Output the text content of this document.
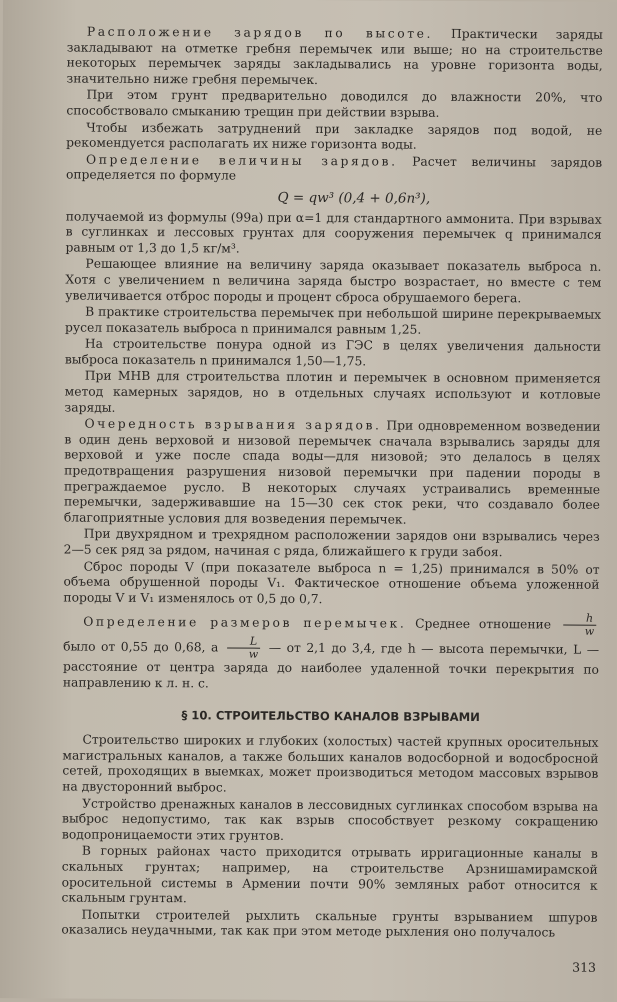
Расположение зарядов по высоте. Практически заряды закладывают на отметке гребня перемычек или выше; но на строительстве некоторых перемычек заряды закладывались на уровне горизонта воды, значительно ниже гребня перемычек.

При этом грунт предварительно доводился до влажности 20%, что способствовало смыканию трещин при действии взрыва.

Чтобы избежать затруднений при закладке зарядов под водой, не рекомендуется располагать их ниже горизонта воды.

Определение величины зарядов. Расчет величины зарядов определяется по формуле

Q = qw³ (0,4 + 0,6n³),

получаемой из формулы (99а) при α=1 для стандартного аммонита. При взрывах в суглинках и лессовых грунтах для сооружения перемычек q принимался равным от 1,3 до 1,5 кг/м³.

Решающее влияние на величину заряда оказывает показатель выброса n. Хотя с увеличением n величина заряда быстро возрастает, но вместе с тем увеличивается отброс породы и процент сброса обрушаемого берега.

В практике строительства перемычек при небольшой ширине перекрываемых русел показатель выброса n принимался равным 1,25.

На строительстве понура одной из ГЭС в целях увеличения дальности выброса показатель n принимался 1,50—1,75.

При МНВ для строительства плотин и перемычек в основном применяется метод камерных зарядов, но в отдельных случаях используют и котловые заряды.

Очередность взрывания зарядов. При одновременном возведении в один день верховой и низовой перемычек сначала взрывались заряды для верховой и уже после спада воды—для низовой; это делалось в целях предотвращения разрушения низовой перемычки при падении породы в преграждаемое русло. В некоторых случаях устраивались временные перемычки, задерживавшие на 15—30 сек сток реки, что создавало более благоприятные условия для возведения перемычек.

При двухрядном и трехрядном расположении зарядов они взрывались через 2—5 сек ряд за рядом, начиная с ряда, ближайшего к груди забоя.

Сброс породы V (при показателе выброса n = 1,25) принимался в 50% от объема обрушенной породы V₁. Фактическое отношение объема уложенной породы V и V₁ изменялось от 0,5 до 0,7.

Определение размеров перемычек. Среднее отношение $\frac{h}{w}$
было от 0,55 до 0,68, а $\frac{L}{w}$ — от 2,1 до 3,4, где h — высота перемычки, L — расстояние от центра заряда до наиболее удаленной точки перекрытия по направлению к л. н. с.

§ 10. СТРОИТЕЛЬСТВО КАНАЛОВ ВЗРЫВАМИ

Строительство широких и глубоких (холостых) частей крупных оросительных магистральных каналов, а также больших каналов водосборной и водосбросной сетей, проходящих в выемках, может производиться методом массовых взрывов на двусторонний выброс.

Устройство дренажных каналов в лессовидных суглинках способом взрыва на выброс недопустимо, так как взрыв способствует резкому сокращению водопроницаемости этих грунтов.

В горных районах часто приходится отрывать ирригационные каналы в скальных грунтах; например, на строительстве Арзнишамирамской оросительной системы в Армении почти 90% земляных работ относится к скальным грунтам.

Попытки строителей рыхлить скальные грунты взрыванием шпуров оказались неудачными, так как при этом методе рыхления оно получалось

313
